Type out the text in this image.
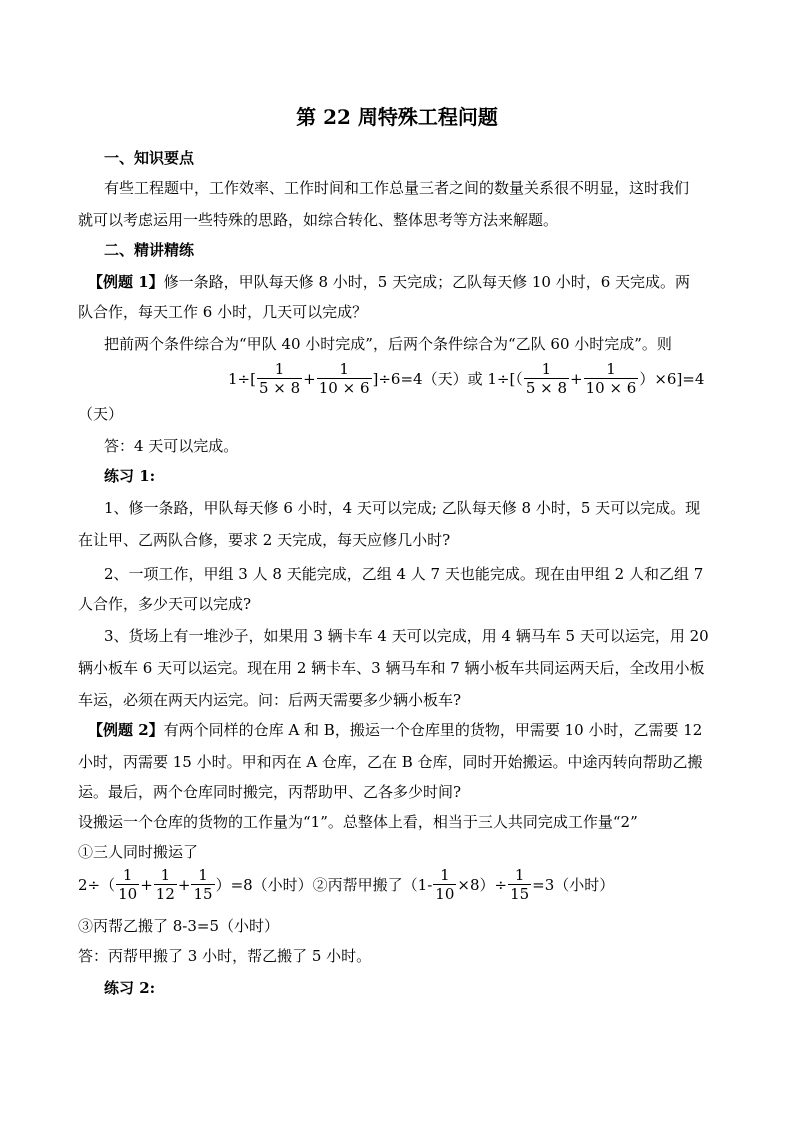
第 22 周特殊工程问题
一、知识要点
有些工程题中，工作效率、工作时间和工作总量三者之间的数量关系很不明显，这时我们
就可以考虑运用一些特殊的思路，如综合转化、整体思考等方法来解题。
二、精讲精练
【例题 1】修一条路，甲队每天修 8 小时，5 天完成；乙队每天修 10 小时，6 天完成。两
队合作，每天工作 6 小时，几天可以完成？
把前两个条件综合为“甲队 40 小时完成”，后两个条件综合为“乙队 60 小时完成”。则
$1\div[ \frac{1}{5 \times 8} + \frac{1}{10 \times 6} ]\div 6=4$（天）或 $1\div[( \frac{1}{5 \times 8} + \frac{1}{10 \times 6} )\times 6]=4$
（天）
答：4 天可以完成。
练习 1:
1、修一条路，甲队每天修 6 小时，4 天可以完成; 乙队每天修 8 小时，5 天可以完成。现
在让甲、乙两队合修，要求 2 天完成，每天应修几小时?
2、一项工作，甲组 3 人 8 天能完成，乙组 4 人 7 天也能完成。现在由甲组 2 人和乙组 7
人合作，多少天可以完成?
3、货场上有一堆沙子，如果用 3 辆卡车 4 天可以完成，用 4 辆马车 5 天可以运完，用 20
辆小板车 6 天可以运完。现在用 2 辆卡车、3 辆马车和 7 辆小板车共同运两天后，全改用小板
车运，必须在两天内运完。问：后两天需要多少辆小板车?
【例题 2】有两个同样的仓库 A 和 B，搬运一个仓库里的货物，甲需要 10 小时，乙需要 12
小时，丙需要 15 小时。甲和丙在 A 仓库，乙在 B 仓库，同时开始搬运。中途丙转向帮助乙搬
运。最后，两个仓库同时搬完，丙帮助甲、乙各多少时间?
设搬运一个仓库的货物的工作量为“1”。总整体上看，相当于三人共同完成工作量“2”
①三人同时搬运了
$2\div( \frac{1}{10} + \frac{1}{12} + \frac{1}{15} )=8$（小时）②丙帮甲搬了$(1- \frac{1}{10} \times 8)\div \frac{1}{15} =3$（小时）
③丙帮乙搬了 8-3=5（小时）
答：丙帮甲搬了 3 小时，帮乙搬了 5 小时。
练习 2:
